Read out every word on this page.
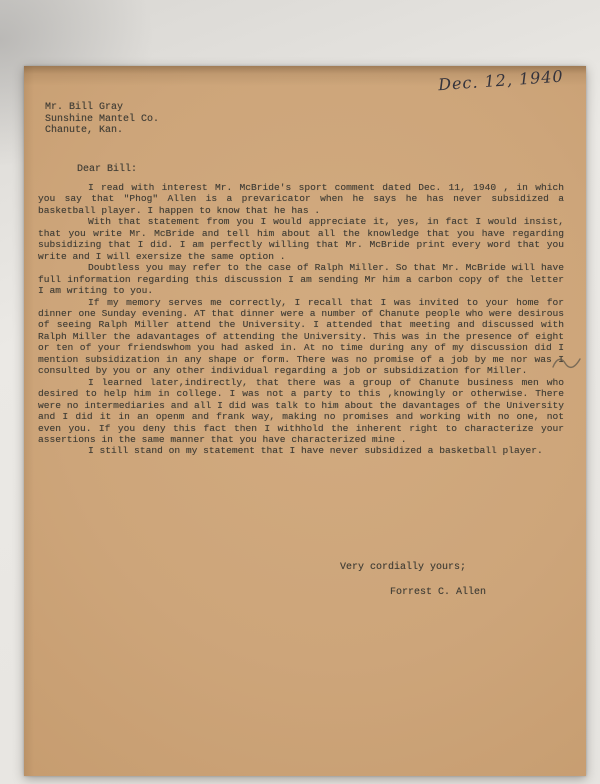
Dec. 12, 1940
Mr. Bill Gray
Sunshine Mantel Co.
Chanute, Kan.
Dear Bill:

I read with interest Mr. McBride's sport comment dated Dec. 11, 1940 , in which you say that "Phog" Allen is a prevaricator when he says he has never subsidized a basketball player. I happen to know that he has .

With that statement from you I would appreciate it, yes, in fact I would insist, that you write Mr. McBride and tell him about all the knowledge that you have regarding subsidizing that I did. I am perfectly willing that Mr. McBride print every word that you write and I will exersize the same option .

Doubtless you may refer to the case of Ralph Miller. So that Mr. McBride will have full information regarding this discussion I am sending Mr him a carbon copy of the letter I am writing to you.

If my memory serves me correctly, I recall that I was invited to your home for dinner one Sunday evening. AT that dinner were a number of Chanute people who were desirous of seeing Ralph Miller attend the University. I attended that meeting and discussed with Ralph Miller the adavantages of attending the University. This was in the presence of eight or ten of your friendswhom you had asked in. At no time during any of my discussion did I mention subsidization in any shape or form. There was no promise of a job by me nor was I consulted by you or any other individual regarding a job or subsidization for Miller.

I learned later,indirectly, that there was a group of Chanute business men who desired to help him in college. I was not a party to this ,knowingly or otherwise. There were no intermediaries and all I did was talk to him about the davantages of the University and I did it in an openm and frank way, making no promises and working with no one, not even you. If you deny this fact then I withhold the inherent right to characterize your assertions in the same manner that you have characterized mine .

I still stand on my statement that I have never subsidized a basketball player.

Very cordially yours;
Forrest C. Allen
